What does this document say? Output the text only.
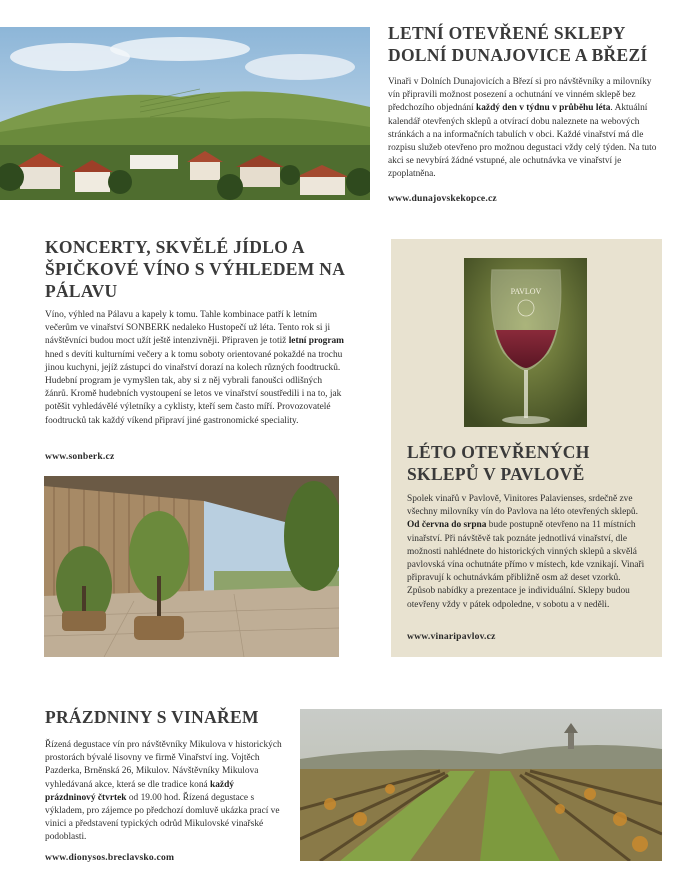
LETNÍ OTEVŘENÉ SKLEPY DOLNÍ DUNAJOVICE A BŘEZÍ
Vinaři v Dolních Dunajovicích a Březí si pro návštěvníky a milovníky vín připravili možnost posezení a ochutnání ve vinném sklepě bez předchozího objednání každý den v týdnu v průběhu léta. Aktuální kalendář otevřených sklepů a otvírací dobu naleznete na webových stránkách a na informačních tabulích v obci. Každé vinařství má dle rozpisu služeb otevřeno pro možnou degustaci vždy celý týden. Na tuto akci se nevybírá žádné vstupné, ale ochutnávka ve vinařství je zpoplatněna.
www.dunajovskekopce.cz
KONCERTY, SKVĚLÉ JÍDLO A ŠPIČKOVÉ VÍNO S VÝHLEDEM NA PÁLAVU
Víno, výhled na Pálavu a kapely k tomu. Tahle kombinace patří k letním večerům ve vinařství SONBERK nedaleko Hustopečí už léta. Tento rok si ji návštěvníci budou moct užít ještě intenzivněji. Připraven je totiž letní program hned s devíti kulturními večery a k tomu soboty orientované pokaždé na trochu jinou kuchyni, jejíž zástupci do vinařství dorazí na kolech různých foodtrucků. Hudební program je vymyšlen tak, aby si z něj vybrali fanoušci odlišných žánrů. Kromě hudebních vystoupení se letos ve vinařství soustředili i na to, jak potěšit vyhledávělé výletníky a cyklisty, kteří sem často míří. Provozovatelé foodtrucků tak každý víkend připraví jiné gastronomické speciality.
www.sonberk.cz
PAVLOV
LÉTO OTEVŘENÝCH SKLEPŮ V PAVLOVĚ
Spolek vinařů v Pavlově, Vinitores Palavienses, srdečně zve všechny milovníky vín do Pavlova na léto otevřených sklepů. Od června do srpna bude postupně otevřeno na 11 místních vinařství. Při návštěvě tak poznáte jednotlivá vinařství, dle možnosti nahlédnete do historických vinných sklepů a skvělá pavlovská vína ochutnáte přímo v místech, kde vznikají. Vinaři připravují k ochutnávkám přibližně osm až deset vzorků. Způsob nabídky a prezentace je individuální. Sklepy budou otevřeny vždy v pátek odpoledne, v sobotu a v neděli.
www.vinaripavlov.cz
PRÁZDNINY S VINAŘEM
Řízená degustace vín pro návštěvníky Mikulova v historických prostorách bývalé lisovny ve firmě Vinařství ing. Vojtěch Pazderka, Brněnská 26, Mikulov. Návštěvníky Mikulova vyhledávaná akce, která se dle tradice koná každý prázdninový čtvrtek od 19.00 hod. Řízená degustace s výkladem, pro zájemce po předchozí domluvě ukázka prací ve vinici a představení typických odrůd Mikulovské vinařské podoblasti.
www.dionysos.breclavsko.com
